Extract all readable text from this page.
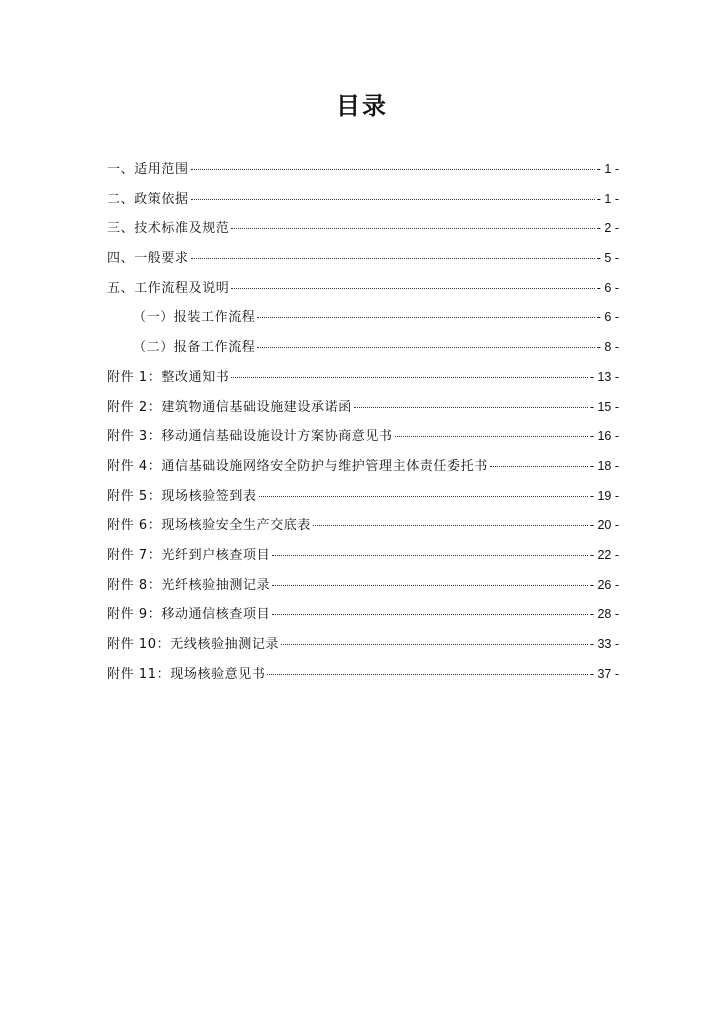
目录
一、适用范围	- 1 -
二、政策依据	- 1 -
三、技术标准及规范	- 2 -
四、一般要求	- 5 -
五、工作流程及说明	- 6 -
（一）报装工作流程	- 6 -
（二）报备工作流程	- 8 -
附件 1：整改通知书	- 13 -
附件 2：建筑物通信基础设施建设承诺函	- 15 -
附件 3：移动通信基础设施设计方案协商意见书	- 16 -
附件 4：通信基础设施网络安全防护与维护管理主体责任委托书	- 18 -
附件 5：现场核验签到表	- 19 -
附件 6：现场核验安全生产交底表	- 20 -
附件 7：光纤到户核查项目	- 22 -
附件 8：光纤核验抽测记录	- 26 -
附件 9：移动通信核查项目	- 28 -
附件 10：无线核验抽测记录	- 33 -
附件 11：现场核验意见书	- 37 -
